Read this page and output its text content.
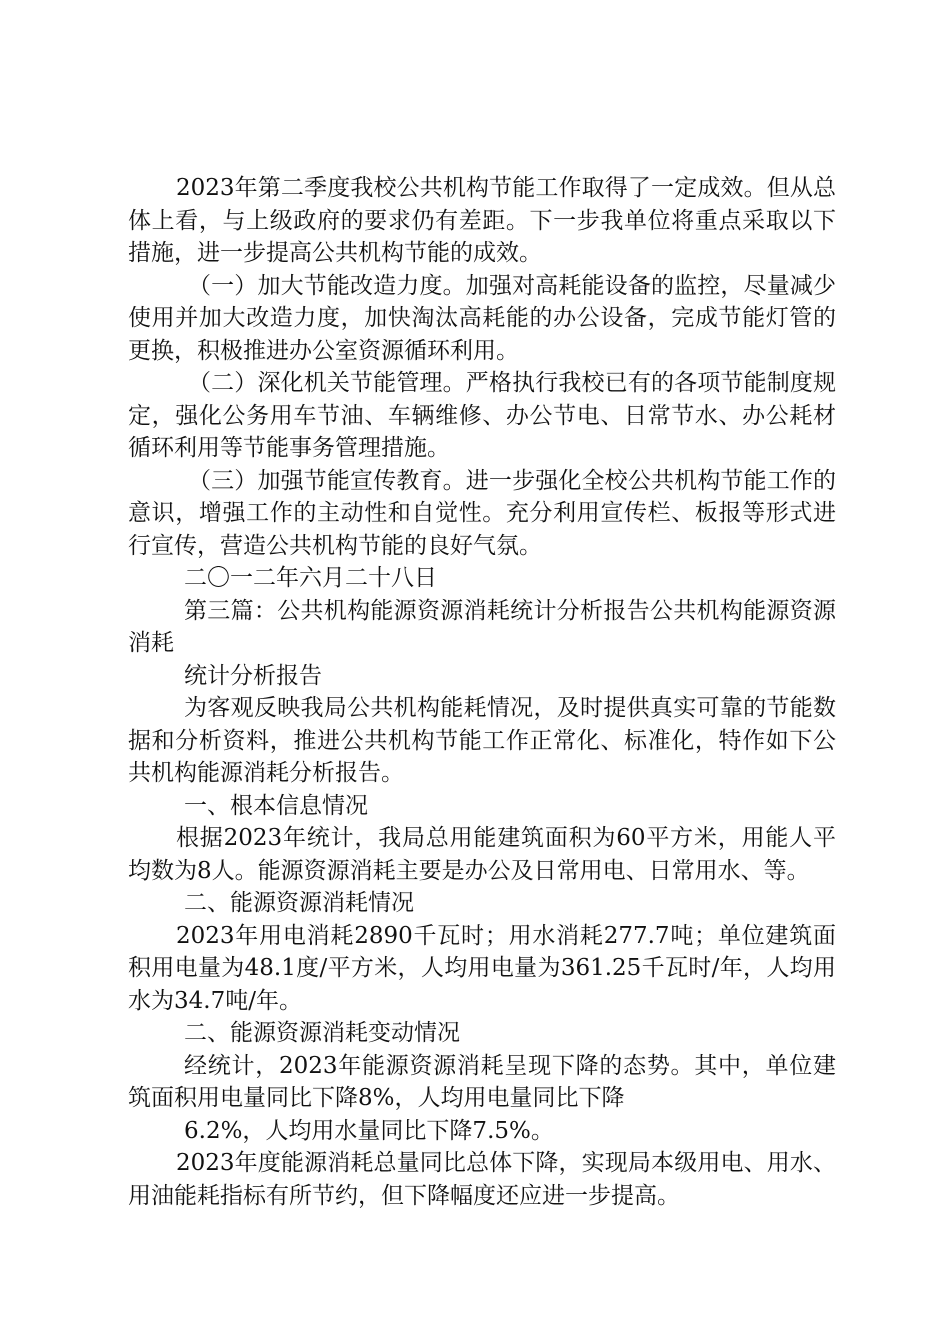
2023年第二季度我校公共机构节能工作取得了一定成效。但从总体上看，与上级政府的要求仍有差距。下一步我单位将重点采取以下措施，进一步提高公共机构节能的成效。

（一）加大节能改造力度。加强对高耗能设备的监控，尽量减少使用并加大改造力度，加快淘汰高耗能的办公设备，完成节能灯管的更换，积极推进办公室资源循环利用。

（二）深化机关节能管理。严格执行我校已有的各项节能制度规定，强化公务用车节油、车辆维修、办公节电、日常节水、办公耗材循环利用等节能事务管理措施。

（三）加强节能宣传教育。进一步强化全校公共机构节能工作的意识，增强工作的主动性和自觉性。充分利用宣传栏、板报等形式进行宣传，营造公共机构节能的良好气氛。

二〇一二年六月二十八日

第三篇：公共机构能源资源消耗统计分析报告公共机构能源资源消耗

统计分析报告

为客观反映我局公共机构能耗情况，及时提供真实可靠的节能数据和分析资料，推进公共机构节能工作正常化、标准化，特作如下公共机构能源消耗分析报告。

一、根本信息情况

根据2023年统计，我局总用能建筑面积为60平方米，用能人平均数为8人。能源资源消耗主要是办公及日常用电、日常用水、等。

二、能源资源消耗情况

2023年用电消耗2890千瓦时；用水消耗277.7吨；单位建筑面积用电量为48.1度/平方米，人均用电量为361.25千瓦时/年，人均用水为34.7吨/年。

二、能源资源消耗变动情况

经统计，2023年能源资源消耗呈现下降的态势。其中，单位建筑面积用电量同比下降8%，人均用电量同比下降

6.2%，人均用水量同比下降7.5%。

2023年度能源消耗总量同比总体下降，实现局本级用电、用水、用油能耗指标有所节约，但下降幅度还应进一步提高。
